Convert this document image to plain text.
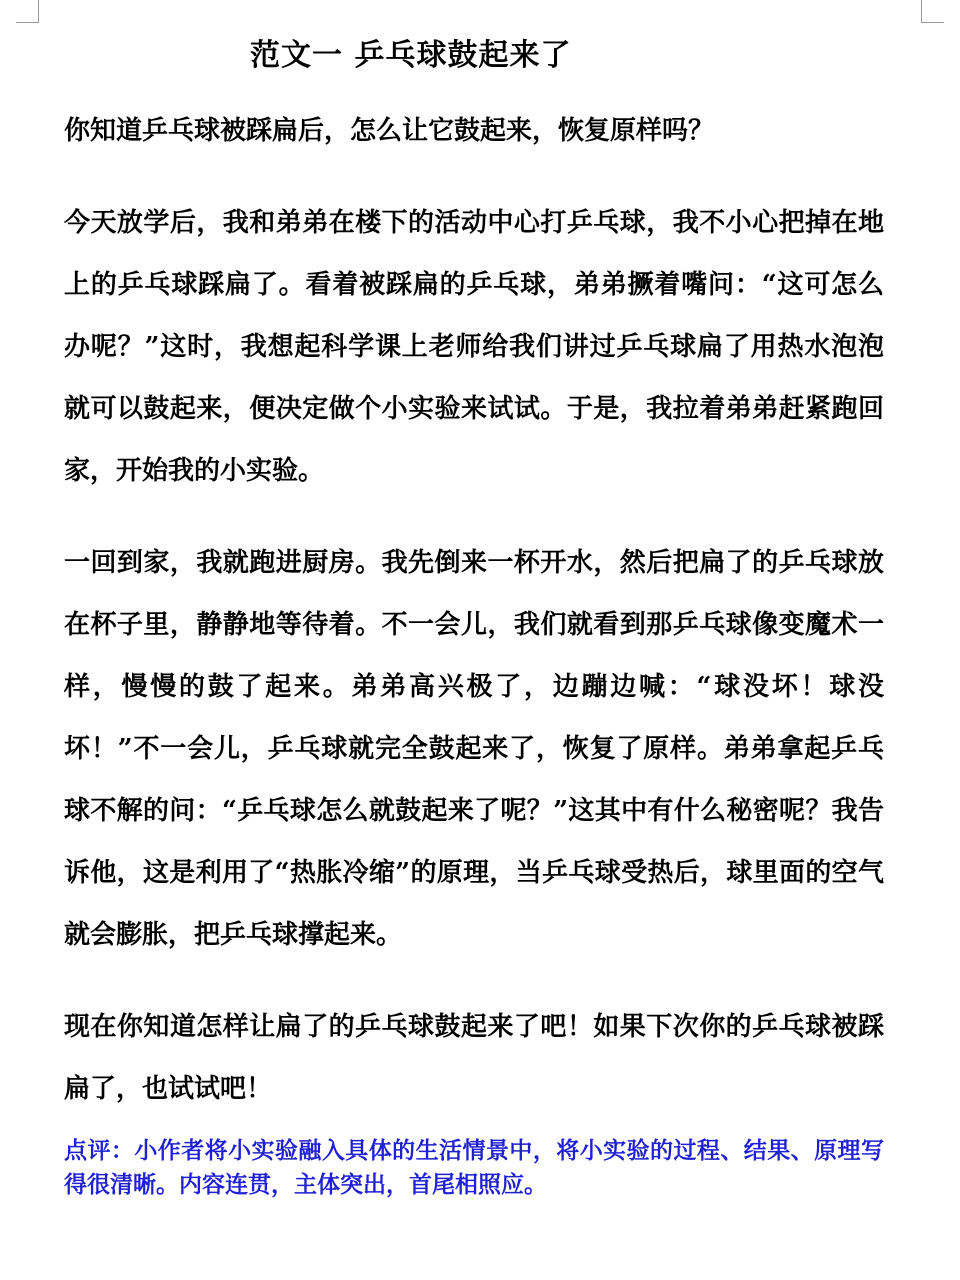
范文一 乒乓球鼓起来了

你知道乒乓球被踩扁后，怎么让它鼓起来，恢复原样吗？

今天放学后，我和弟弟在楼下的活动中心打乒乓球，我不小心把掉在地上的乒乓球踩扁了。看着被踩扁的乒乓球，弟弟撅着嘴问：“这可怎么办呢？”这时，我想起科学课上老师给我们讲过乒乓球扁了用热水泡泡就可以鼓起来，便决定做个小实验来试试。于是，我拉着弟弟赶紧跑回家，开始我的小实验。

一回到家，我就跑进厨房。我先倒来一杯开水，然后把扁了的乒乓球放在杯子里，静静地等待着。不一会儿，我们就看到那乒乓球像变魔术一样，慢慢的鼓了起来。弟弟高兴极了，边蹦边喊：“球没坏！球没坏！”不一会儿，乒乓球就完全鼓起来了，恢复了原样。弟弟拿起乒乓球不解的问：“乒乓球怎么就鼓起来了呢？”这其中有什么秘密呢？我告诉他，这是利用了“热胀冷缩”的原理，当乒乓球受热后，球里面的空气就会膨胀，把乒乓球撑起来。

现在你知道怎样让扁了的乒乓球鼓起来了吧！如果下次你的乒乓球被踩扁了，也试试吧！

点评：小作者将小实验融入具体的生活情景中，将小实验的过程、结果、原理写得很清晰。内容连贯，主体突出，首尾相照应。
